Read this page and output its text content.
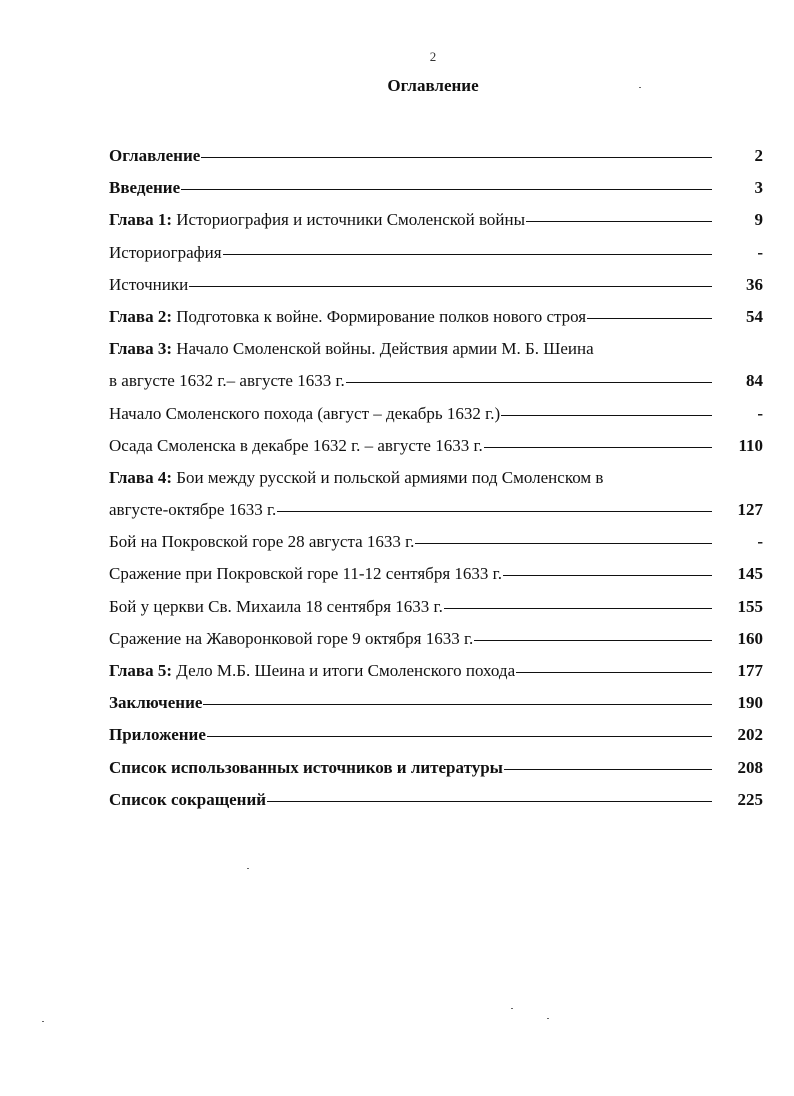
2
Оглавление
Оглавление	2
Введение	3
Глава 1: Историография и источники Смоленской войны	9
Историография	-
Источники	36
Глава 2: Подготовка к войне. Формирование полков нового строя	54
Глава 3: Начало Смоленской войны. Действия армии М. Б. Шеина
в августе 1632 г.– августе 1633 г.	84
Начало Смоленского похода (август – декабрь 1632 г.)	-
Осада Смоленска в декабре 1632 г. – августе 1633 г.	110
Глава 4: Бои между русской и польской армиями под Смоленском в
августе-октябре 1633 г.	127
Бой на Покровской горе 28 августа 1633 г.	-
Сражение при Покровской горе 11-12 сентября 1633 г.	145
Бой у церкви Св. Михаила 18 сентября 1633 г.	155
Сражение на Жаворонковой горе 9 октября 1633 г.	160
Глава 5: Дело М.Б. Шеина и итоги Смоленского похода	177
Заключение	190
Приложение	202
Список использованных источников и литературы	208
Список сокращений	225
